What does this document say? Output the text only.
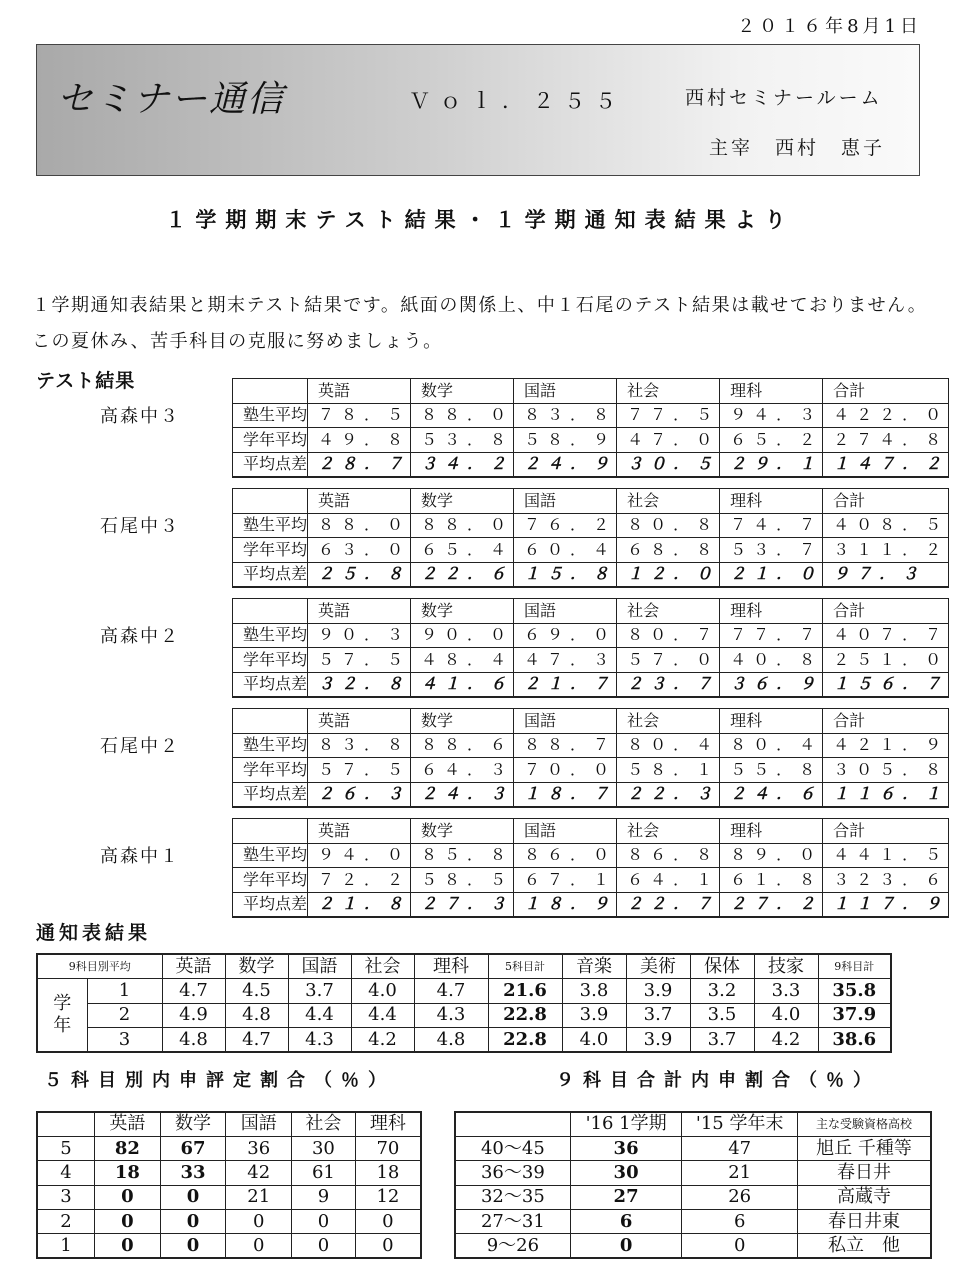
２０１６年8月1日
セミナー通信	Ｖｏｌ．２５５	西村セミナールーム
主宰　西村　恵子
１学期期末テスト結果・１学期通知表結果より
１学期通知表結果と期末テスト結果です。紙面の関係上、中１石尾のテスト結果は載せておりません。この夏休み、苦手科目の克服に努めましょう。
テスト結果
高森中３
	英語	数学	国語	社会	理科	合計
塾生平均	７８．５	８８．０	８３．８	７７．５	９４．３	４２２．０
学年平均	４９．８	５３．８	５８．９	４７．０	６５．２	２７４．８
平均点差	２８．７	３４．２	２４．９	３０．５	２９．１	１４７．２
石尾中３
	英語	数学	国語	社会	理科	合計
塾生平均	８８．０	８８．０	７６．２	８０．８	７４．７	４０８．５
学年平均	６３．０	６５．４	６０．４	６８．８	５３．７	３１１．２
平均点差	２５．８	２２．６	１５．８	１２．０	２１．０	９７．３
高森中２
	英語	数学	国語	社会	理科	合計
塾生平均	９０．３	９０．０	６９．０	８０．７	７７．７	４０７．７
学年平均	５７．５	４８．４	４７．３	５７．０	４０．８	２５１．０
平均点差	３２．８	４１．６	２１．７	２３．７	３６．９	１５６．７
石尾中２
	英語	数学	国語	社会	理科	合計
塾生平均	８３．８	８８．６	８８．７	８０．４	８０．４	４２１．９
学年平均	５７．５	６４．３	７０．０	５８．１	５５．８	３０５．８
平均点差	２６．３	２４．３	１８．７	２２．３	２４．６	１１６．１
高森中１
	英語	数学	国語	社会	理科	合計
塾生平均	９４．０	８５．８	８６．０	８６．８	８９．０	４４１．５
学年平均	７２．２	５８．５	６７．１	６４．１	６１．８	３２３．６
平均点差	２１．８	２７．３	１８．９	２２．７	２７．２	１１７．９
通知表結果
9科目別平均		英語	数学	国語	社会	理科	5科目計	音楽	美術	保体	技家	9科目計
学
年	1	4.7	4.5	3.7	4.0	4.7	21.6	3.8	3.9	3.2	3.3	35.8
	2	4.9	4.8	4.4	4.4	4.3	22.8	3.9	3.7	3.5	4.0	37.9
	3	4.8	4.7	4.3	4.2	4.8	22.8	4.0	3.9	3.7	4.2	38.6
５科目別内申評定割合（％）	９科目合計内申割合（％）
	英語	数学	国語	社会	理科
5	82	67	36	30	70
4	18	33	42	61	18
3	0	0	21	9	12
2	0	0	0	0	0
1	0	0	0	0	0
	'16 1学期	'15 学年末	主な受験資格高校
40～45	36	47	旭丘 千種等
36～39	30	21	春日井
32～35	27	26	高蔵寺
27～31	6	6	春日井東
9～26	0	0	私立　他
